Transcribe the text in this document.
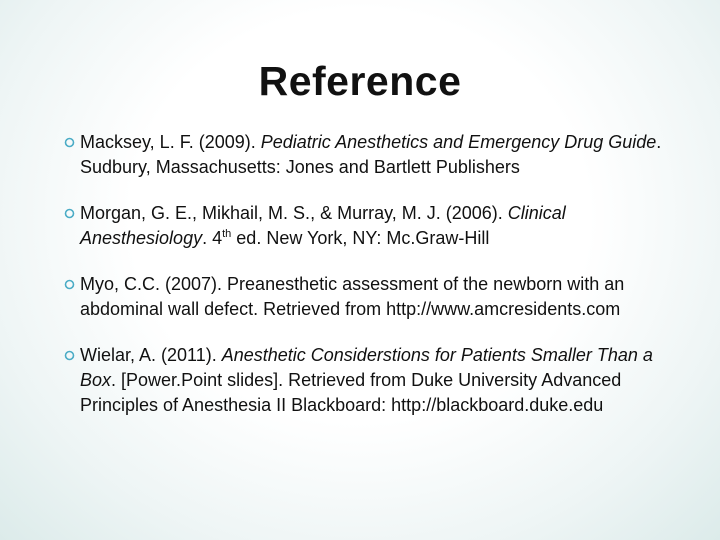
Reference
Macksey, L. F. (2009). Pediatric Anesthetics and Emergency Drug Guide. Sudbury, Massachusetts: Jones and Bartlett Publishers
Morgan, G. E., Mikhail, M. S., & Murray, M. J. (2006). Clinical Anesthesiology. 4th ed. New York, NY: Mc.Graw-Hill
Myo, C.C. (2007). Preanesthetic assessment of the newborn with an abdominal wall defect. Retrieved from http://www.amcresidents.com
Wielar, A. (2011). Anesthetic Considerstions for Patients Smaller Than a Box. [Power.Point slides]. Retrieved from Duke University Advanced Principles of Anesthesia II Blackboard: http://blackboard.duke.edu
